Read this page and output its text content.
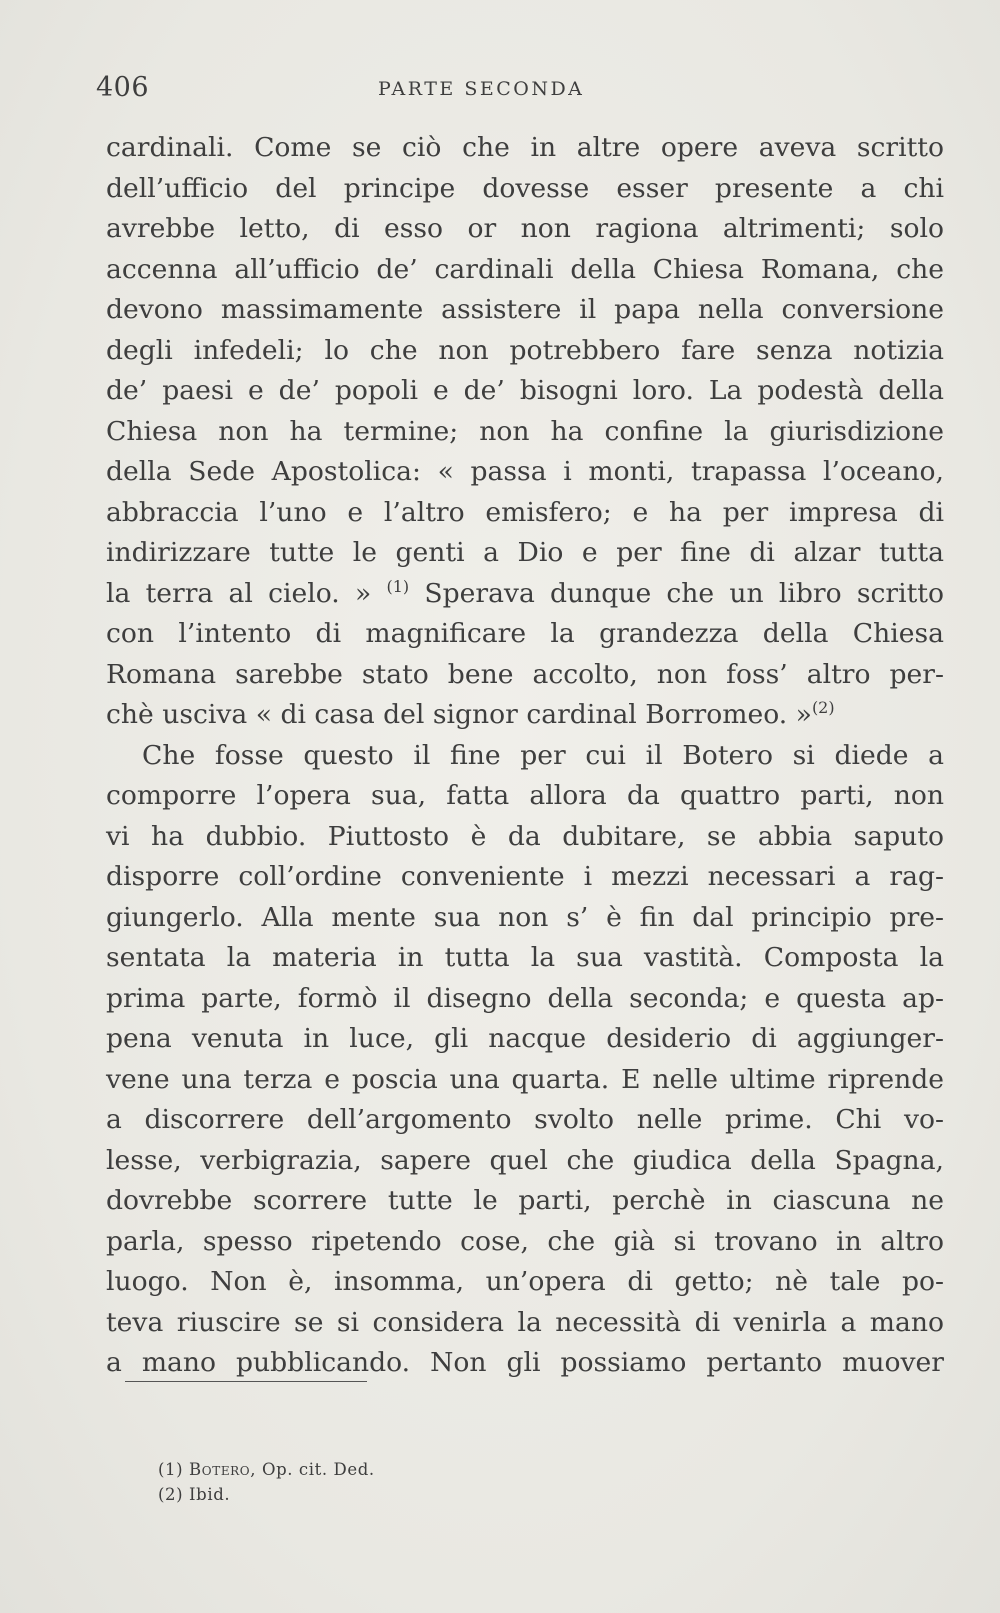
406	PARTE SECONDA
cardinali. Come se ciò che in altre opere aveva scritto
dell’ufficio del principe dovesse esser presente a chi
avrebbe letto, di esso or non ragiona altrimenti; solo
accenna all’ufficio de’ cardinali della Chiesa Romana, che
devono massimamente assistere il papa nella conversione
degli infedeli; lo che non potrebbero fare senza notizia
de’ paesi e de’ popoli e de’ bisogni loro. La podestà della
Chiesa non ha termine; non ha confine la giurisdizione
della Sede Apostolica: « passa i monti, trapassa l’oceano,
abbraccia l’uno e l’altro emisfero; e ha per impresa di
indirizzare tutte le genti a Dio e per fine di alzar tutta
la terra al cielo. » $^{(1)}$ Sperava dunque che un libro scritto
con l’intento di magnificare la grandezza della Chiesa
Romana sarebbe stato bene accolto, non foss’ altro per-
chè usciva « di casa del signor cardinal Borromeo. »$^{(2)}$
Che fosse questo il fine per cui il Botero si diede a
comporre l’opera sua, fatta allora da quattro parti, non
vi ha dubbio. Piuttosto è da dubitare, se abbia saputo
disporre coll’ordine conveniente i mezzi necessari a rag-
giungerlo. Alla mente sua non s’ è fin dal principio pre-
sentata la materia in tutta la sua vastità. Composta la
prima parte, formò il disegno della seconda; e questa ap-
pena venuta in luce, gli nacque desiderio di aggiunger-
vene una terza e poscia una quarta. E nelle ultime riprende
a discorrere dell’argomento svolto nelle prime. Chi vo-
lesse, verbigrazia, sapere quel che giudica della Spagna,
dovrebbe scorrere tutte le parti, perchè in ciascuna ne
parla, spesso ripetendo cose, che già si trovano in altro
luogo. Non è, insomma, un’opera di getto; nè tale po-
teva riuscire se si considera la necessità di venirla a mano
a mano pubblicando. Non gli possiamo pertanto muover
(1) Botero, Op. cit. Ded.
(2) Ibid.
